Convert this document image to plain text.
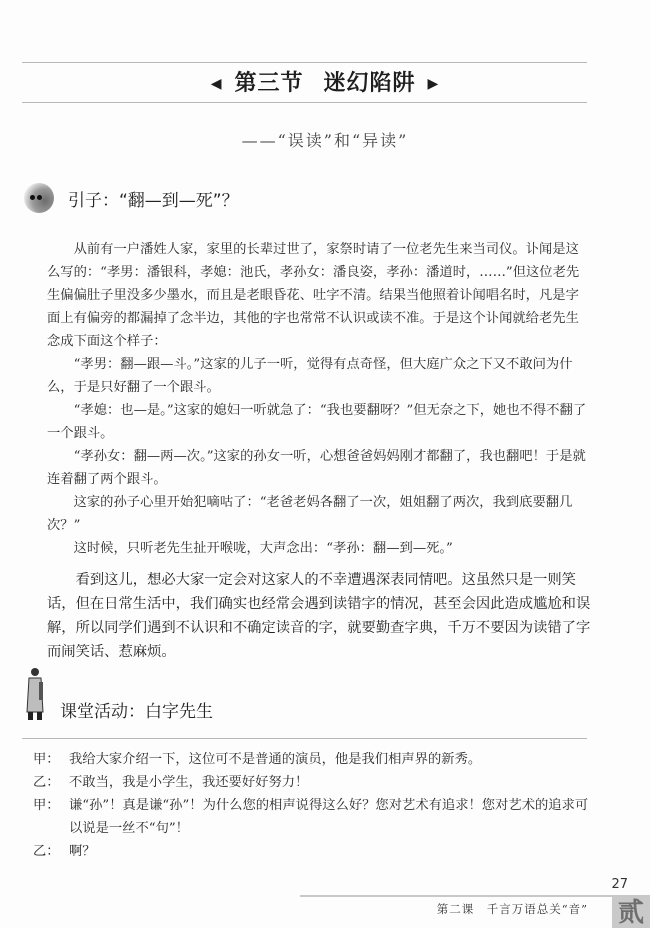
◀ 第三节 迷幻陷阱 ▶
——“误读”和“异读”
引子：“翻—到—死”？

从前有一户潘姓人家，家里的长辈过世了，家祭时请了一位老先生来当司仪。讣闻是这么写的：“孝男：潘银科，孝媳：池氏，孝孙女：潘良姿，孝孙：潘道时，……”但这位老先生偏偏肚子里没多少墨水，而且是老眼昏花、吐字不清。结果当他照着讣闻唱名时，凡是字面上有偏旁的都漏掉了念半边，其他的字也常常不认识或读不准。于是这个讣闻就给老先生念成下面这个样子：

“孝男：翻—跟—斗。”这家的儿子一听，觉得有点奇怪，但大庭广众之下又不敢问为什么，于是只好翻了一个跟斗。

“孝媳：也—是。”这家的媳妇一听就急了：“我也要翻呀？”但无奈之下，她也不得不翻了一个跟斗。

“孝孙女：翻—两—次。”这家的孙女一听，心想爸爸妈妈刚才都翻了，我也翻吧！于是就连着翻了两个跟斗。

这家的孙子心里开始犯嘀咕了：“老爸老妈各翻了一次，姐姐翻了两次，我到底要翻几次？”

这时候，只听老先生扯开喉咙，大声念出：“孝孙：翻—到—死。”

看到这儿，想必大家一定会对这家人的不幸遭遇深表同情吧。这虽然只是一则笑话，但在日常生活中，我们确实也经常会遇到读错字的情况，甚至会因此造成尴尬和误解，所以同学们遇到不认识和不确定读音的字，就要勤查字典，千万不要因为读错了字而闹笑话、惹麻烦。

课堂活动：白字先生
甲： 我给大家介绍一下，这位可不是普通的演员，他是我们相声界的新秀。
乙： 不敢当，我是小学生，我还要好好努力！
甲： 谦“孙”！真是谦“孙”！为什么您的相声说得这么好？您对艺术有追求！您对艺术的追求可以说是一丝不“句”！
乙： 啊？
27
第二课　千言万语总关“音” 贰
